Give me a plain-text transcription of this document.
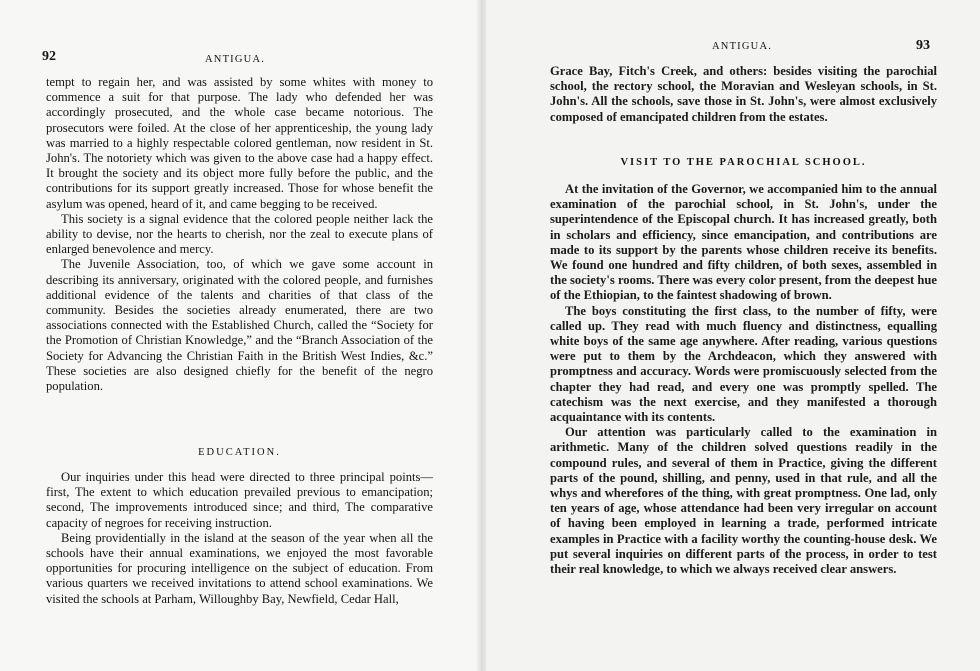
92	ANTIGUA.

tempt to regain her, and was assisted by some whites with money to commence a suit for that purpose. The lady who defended her was accordingly prosecuted, and the whole case became notorious. The prosecutors were foiled. At the close of her apprenticeship, the young lady was married to a highly respectable colored gentleman, now resident in St. John's. The notoriety which was given to the above case had a happy effect. It brought the society and its object more fully before the public, and the contributions for its support greatly increased. Those for whose benefit the asylum was opened, heard of it, and came begging to be received.

This society is a signal evidence that the colored people neither lack the ability to devise, nor the hearts to cherish, nor the zeal to execute plans of enlarged benevolence and mercy.

The Juvenile Association, too, of which we gave some account in describing its anniversary, originated with the colored people, and furnishes additional evidence of the talents and charities of that class of the community. Besides the societies already enumerated, there are two associations connected with the Established Church, called the “Society for the Promotion of Christian Knowledge,” and the “Branch Association of the Society for Advancing the Christian Faith in the British West Indies, &c.” These societies are also designed chiefly for the benefit of the negro population.

EDUCATION.

Our inquiries under this head were directed to three principal points—first, The extent to which education prevailed previous to emancipation; second, The improvements introduced since; and third, The comparative capacity of negroes for receiving instruction.

Being providentially in the island at the season of the year when all the schools have their annual examinations, we enjoyed the most favorable opportunities for procuring intelligence on the subject of education. From various quarters we received invitations to attend school examinations. We visited the schools at Parham, Willoughby Bay, Newfield, Cedar Hall,

ANTIGUA.	93

Grace Bay, Fitch's Creek, and others: besides visiting the parochial school, the rectory school, the Moravian and Wesleyan schools, in St. John's. All the schools, save those in St. John's, were almost exclusively composed of emancipated children from the estates.

VISIT TO THE PAROCHIAL SCHOOL.

At the invitation of the Governor, we accompanied him to the annual examination of the parochial school, in St. John's, under the superintendence of the Episcopal church. It has increased greatly, both in scholars and efficiency, since emancipation, and contributions are made to its support by the parents whose children receive its benefits. We found one hundred and fifty children, of both sexes, assembled in the society's rooms. There was every color present, from the deepest hue of the Ethiopian, to the faintest shadowing of brown.

The boys constituting the first class, to the number of fifty, were called up. They read with much fluency and distinctness, equalling white boys of the same age anywhere. After reading, various questions were put to them by the Archdeacon, which they answered with promptness and accuracy. Words were promiscuously selected from the chapter they had read, and every one was promptly spelled. The catechism was the next exercise, and they manifested a thorough acquaintance with its contents.

Our attention was particularly called to the examination in arithmetic. Many of the children solved questions readily in the compound rules, and several of them in Practice, giving the different parts of the pound, shilling, and penny, used in that rule, and all the whys and wherefores of the thing, with great promptness. One lad, only ten years of age, whose attendance had been very irregular on account of having been employed in learning a trade, performed intricate examples in Practice with a facility worthy the counting-house desk. We put several inquiries on different parts of the process, in order to test their real knowledge, to which we always received clear answers.
